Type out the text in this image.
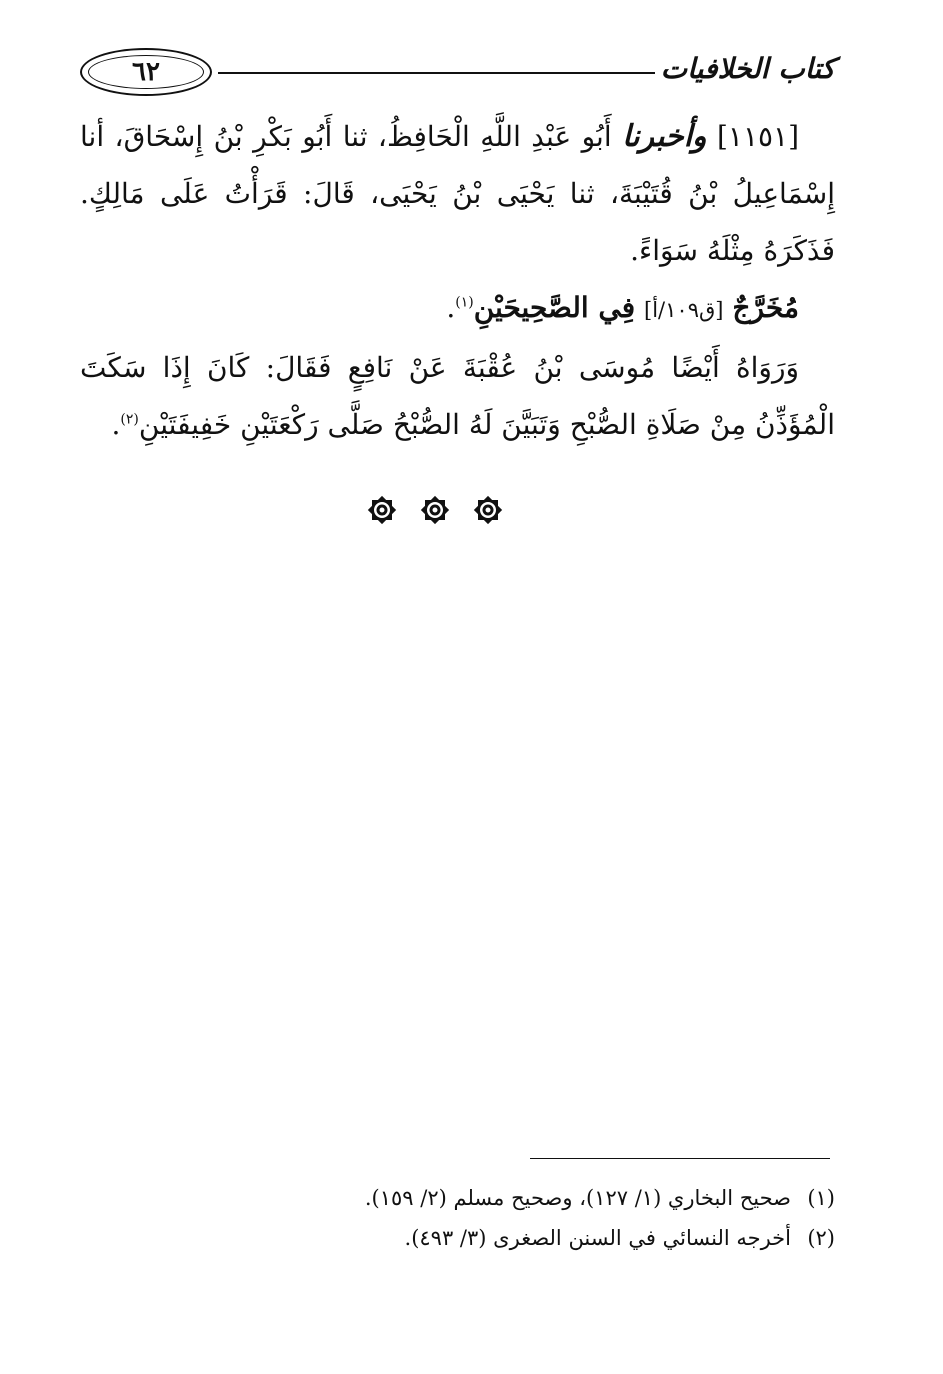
كتاب الخلافيات
٦٢

[١١٥١] وأخبرنا أَبُو عَبْدِ اللَّهِ الْحَافِظُ، ثنا أَبُو بَكْرِ بْنُ إِسْحَاقَ، أنا إِسْمَاعِيلُ بْنُ قُتَيْبَةَ، ثنا يَحْيَى بْنُ يَحْيَى، قَالَ: قَرَأْتُ عَلَى مَالِكٍ. فَذَكَرَهُ مِثْلَهُ سَوَاءً.

مُخَرَّجٌ [ق١٠٩/أ] فِي الصَّحِيحَيْنِ$^{(١)}$.

وَرَوَاهُ أَيْضًا مُوسَى بْنُ عُقْبَةَ عَنْ نَافِعٍ فَقَالَ: كَانَ إِذَا سَكَتَ الْمُؤَذِّنُ مِنْ صَلَاةِ الصُّبْحِ وَتَبَيَّنَ لَهُ الصُّبْحُ صَلَّى رَكْعَتَيْنِ خَفِيفَتَيْنِ$^{(٢)}$.

(١)
صحيح البخاري (١/ ١٢٧)، وصحيح مسلم (٢/ ١٥٩).
(٢)
أخرجه النسائي في السنن الصغرى (٣/ ٤٩٣).
